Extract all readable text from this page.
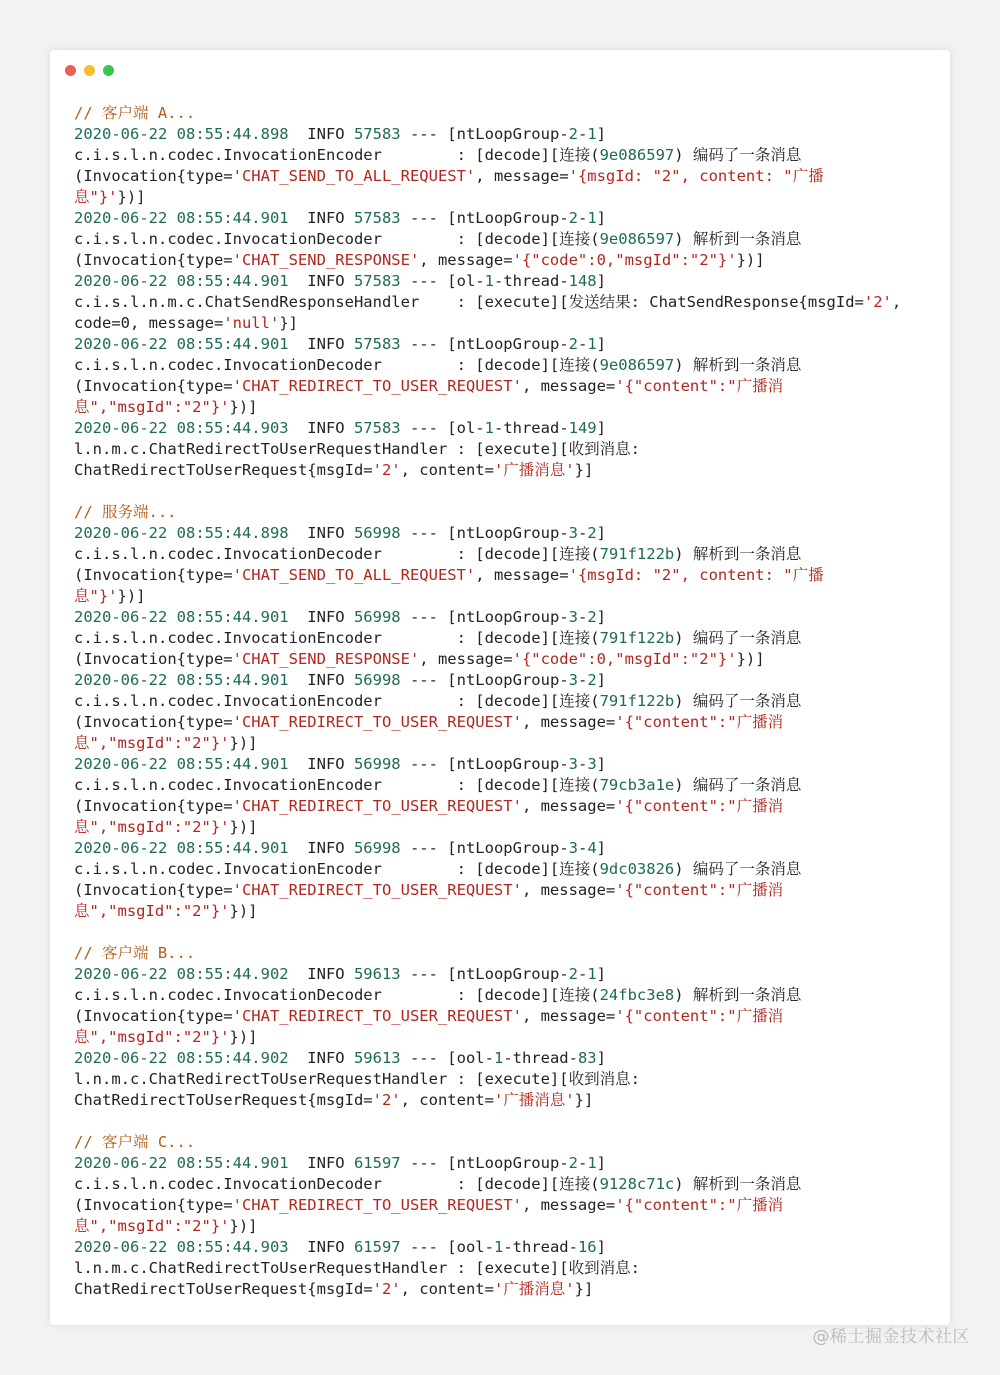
// 客户端 A...
2020-06-22 08:55:44.898  INFO 57583 --- [ntLoopGroup-2-1]
c.i.s.l.n.codec.InvocationEncoder        : [decode][连接(9e086597) 编码了一条消息
(Invocation{type='CHAT_SEND_TO_ALL_REQUEST', message='{msgId: "2", content: "广播
息"}'})]
2020-06-22 08:55:44.901  INFO 57583 --- [ntLoopGroup-2-1]
c.i.s.l.n.codec.InvocationDecoder        : [decode][连接(9e086597) 解析到一条消息
(Invocation{type='CHAT_SEND_RESPONSE', message='{"code":0,"msgId":"2"}'})]
2020-06-22 08:55:44.901  INFO 57583 --- [ol-1-thread-148]
c.i.s.l.n.m.c.ChatSendResponseHandler    : [execute][发送结果: ChatSendResponse{msgId='2',
code=0, message='null'}]
2020-06-22 08:55:44.901  INFO 57583 --- [ntLoopGroup-2-1]
c.i.s.l.n.codec.InvocationDecoder        : [decode][连接(9e086597) 解析到一条消息
(Invocation{type='CHAT_REDIRECT_TO_USER_REQUEST', message='{"content":"广播消
息","msgId":"2"}'})]
2020-06-22 08:55:44.903  INFO 57583 --- [ol-1-thread-149]
l.n.m.c.ChatRedirectToUserRequestHandler : [execute][收到消息:
ChatRedirectToUserRequest{msgId='2', content='广播消息'}]
// 服务端...
2020-06-22 08:55:44.898  INFO 56998 --- [ntLoopGroup-3-2]
c.i.s.l.n.codec.InvocationDecoder        : [decode][连接(791f122b) 解析到一条消息
(Invocation{type='CHAT_SEND_TO_ALL_REQUEST', message='{msgId: "2", content: "广播
息"}'})]
2020-06-22 08:55:44.901  INFO 56998 --- [ntLoopGroup-3-2]
c.i.s.l.n.codec.InvocationEncoder        : [decode][连接(791f122b) 编码了一条消息
(Invocation{type='CHAT_SEND_RESPONSE', message='{"code":0,"msgId":"2"}'})]
2020-06-22 08:55:44.901  INFO 56998 --- [ntLoopGroup-3-2]
c.i.s.l.n.codec.InvocationEncoder        : [decode][连接(791f122b) 编码了一条消息
(Invocation{type='CHAT_REDIRECT_TO_USER_REQUEST', message='{"content":"广播消
息","msgId":"2"}'})]
2020-06-22 08:55:44.901  INFO 56998 --- [ntLoopGroup-3-3]
c.i.s.l.n.codec.InvocationEncoder        : [decode][连接(79cb3a1e) 编码了一条消息
(Invocation{type='CHAT_REDIRECT_TO_USER_REQUEST', message='{"content":"广播消
息","msgId":"2"}'})]
2020-06-22 08:55:44.901  INFO 56998 --- [ntLoopGroup-3-4]
c.i.s.l.n.codec.InvocationEncoder        : [decode][连接(9dc03826) 编码了一条消息
(Invocation{type='CHAT_REDIRECT_TO_USER_REQUEST', message='{"content":"广播消
息","msgId":"2"}'})]
// 客户端 B...
2020-06-22 08:55:44.902  INFO 59613 --- [ntLoopGroup-2-1]
c.i.s.l.n.codec.InvocationDecoder        : [decode][连接(24fbc3e8) 解析到一条消息
(Invocation{type='CHAT_REDIRECT_TO_USER_REQUEST', message='{"content":"广播消
息","msgId":"2"}'})]
2020-06-22 08:55:44.902  INFO 59613 --- [ool-1-thread-83]
l.n.m.c.ChatRedirectToUserRequestHandler : [execute][收到消息:
ChatRedirectToUserRequest{msgId='2', content='广播消息'}]
// 客户端 C...
2020-06-22 08:55:44.901  INFO 61597 --- [ntLoopGroup-2-1]
c.i.s.l.n.codec.InvocationDecoder        : [decode][连接(9128c71c) 解析到一条消息
(Invocation{type='CHAT_REDIRECT_TO_USER_REQUEST', message='{"content":"广播消
息","msgId":"2"}'})]
2020-06-22 08:55:44.903  INFO 61597 --- [ool-1-thread-16]
l.n.m.c.ChatRedirectToUserRequestHandler : [execute][收到消息:
ChatRedirectToUserRequest{msgId='2', content='广播消息'}]
@稀土掘金技术社区
